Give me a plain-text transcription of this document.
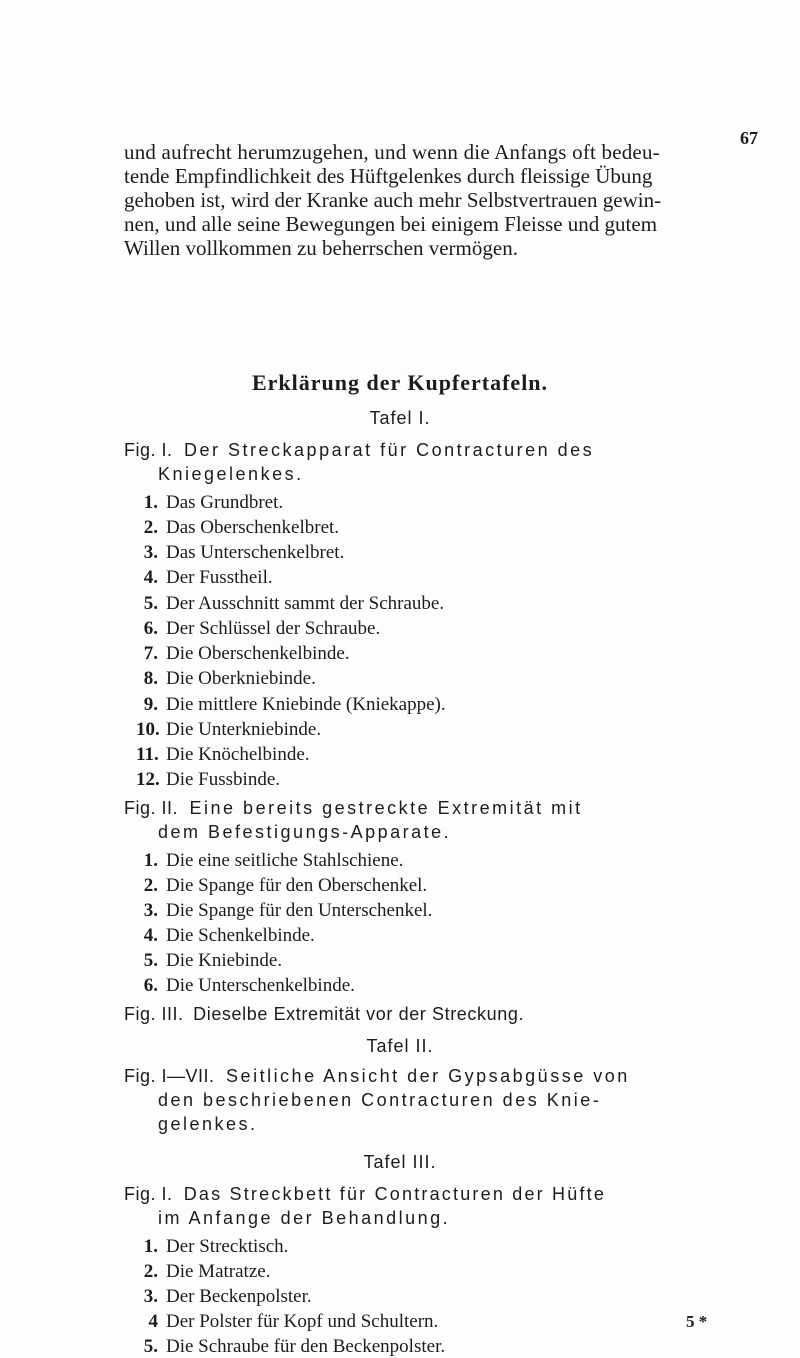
67
und aufrecht herumzugehen, und wenn die Anfangs oft bedeu-
tende Empfindlichkeit des Hüftgelenkes durch fleissige Übung
gehoben ist, wird der Kranke auch mehr Selbstvertrauen gewin-
nen, und alle seine Bewegungen bei einigem Fleisse und gutem
Willen vollkommen zu beherrschen vermögen.
Erklärung der Kupfertafeln.
Tafel I.
Fig. I. Der Streckapparat für Contracturen des
Kniegelenkes.
1. Das Grundbret.
2. Das Oberschenkelbret.
3. Das Unterschenkelbret.
4. Der Fusstheil.
5. Der Ausschnitt sammt der Schraube.
6. Der Schlüssel der Schraube.
7. Die Oberschenkelbinde.
8. Die Oberkniebinde.
9. Die mittlere Kniebinde (Kniekappe).
10. Die Unterkniebinde.
11. Die Knöchelbinde.
12. Die Fussbinde.
Fig. II. Eine bereits gestreckte Extremität mit
dem Befestigungs-Apparate.
1. Die eine seitliche Stahlschiene.
2. Die Spange für den Oberschenkel.
3. Die Spange für den Unterschenkel.
4. Die Schenkelbinde.
5. Die Kniebinde.
6. Die Unterschenkelbinde.
Fig. III. Dieselbe Extremität vor der Streckung.
Tafel II.
Fig. I—VII. Seitliche Ansicht der Gypsabgüsse von
den beschriebenen Contracturen des Knie-
gelenkes.
Tafel III.
Fig. I. Das Streckbett für Contracturen der Hüfte
im Anfange der Behandlung.
1. Der Strecktisch.
2. Die Matratze.
3. Der Beckenpolster.
4 Der Polster für Kopf und Schultern.
5. Die Schraube für den Beckenpolster.
5 *
